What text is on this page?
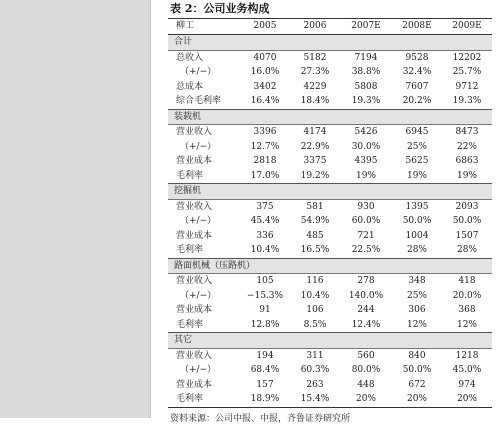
表 2：公司业务构成
柳工	2005	2006	2007E	2008E	2009E
合计					
总收入	4070	5182	7194	9528	12202
（+/−）	16.0%	27.3%	38.8%	32.4%	25.7%
总成本	3402	4229	5808	7607	9712
综合毛利率	16.4%	18.4%	19.3%	20.2%	19.3%
装载机					
营业收入	3396	4174	5426	6945	8473
（+/−）	12.7%	22.9%	30.0%	25%	22%
营业成本	2818	3375	4395	5625	6863
毛利率	17.0%	19.2%	19%	19%	19%
挖掘机					
营业收入	375	581	930	1395	2093
（+/−）	45.4%	54.9%	60.0%	50.0%	50.0%
营业成本	336	485	721	1004	1507
毛利率	10.4%	16.5%	22.5%	28%	28%
路面机械（压路机）					
营业收入	105	116	278	348	418
（+/−）	−15.3%	10.4%	140.0%	25%	20.0%
营业成本	91	106	244	306	368
毛利率	12.8%	8.5%	12.4%	12%	12%
其它					
营业收入	194	311	560	840	1218
（+/−）	68.4%	60.3%	80.0%	50.0%	45.0%
营业成本	157	263	448	672	974
毛利率	18.9%	15.4%	20%	20%	20%
资料来源：公司中报、中报，齐鲁证券研究所
